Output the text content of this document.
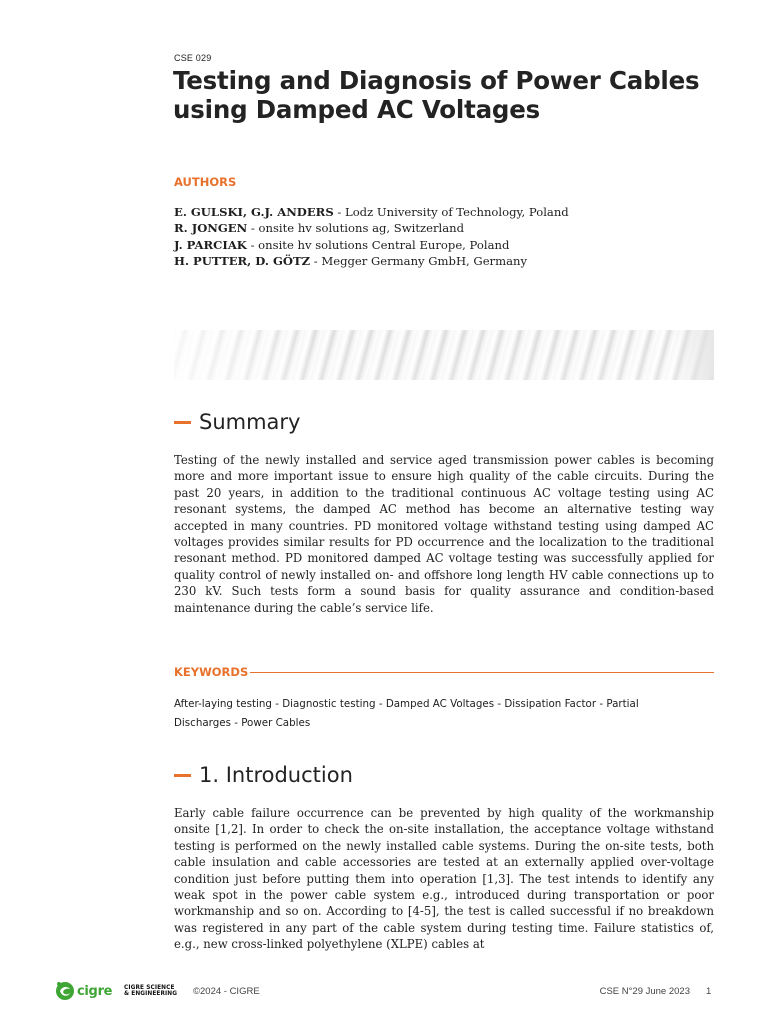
CSE 029
Testing and Diagnosis of Power Cables
using Damped AC Voltages
AUTHORS
E. GULSKI, G.J. ANDERS - Lodz University of Technology, Poland
R. JONGEN - onsite hv solutions ag, Switzerland
J. PARCIAK - onsite hv solutions Central Europe, Poland
H. PUTTER, D. GÖTZ - Megger Germany GmbH, Germany
Summary

Testing of the newly installed and service aged transmission power cables is becoming more and more important issue to ensure high quality of the cable circuits. During the past 20 years, in addition to the traditional continuous AC voltage testing using AC resonant systems, the damped AC method has become an alternative testing way accepted in many countries. PD monitored voltage withstand testing using damped AC voltages provides similar results for PD occurrence and the localization to the traditional resonant method. PD monitored damped AC voltage testing was successfully applied for quality control of newly installed on- and offshore long length HV cable connections up to 230 kV. Such tests form a sound basis for quality assurance and condition-based maintenance during the cable’s service life.

KEYWORDS
After-laying testing - Diagnostic testing - Damped AC Voltages - Dissipation Factor - Partial
Discharges - Power Cables
1. Introduction

Early cable failure occurrence can be prevented by high quality of the workmanship onsite [1,2]. In order to check the on-site installation, the acceptance voltage withstand testing is performed on the newly installed cable systems. During the on-site tests, both cable insulation and cable accessories are tested at an externally applied over-voltage condition just before putting them into operation [1,3]. The test intends to identify any weak spot in the power cable system e.g., introduced during transportation or poor workmanship and so on. According to [4-5], the test is called successful if no breakdown was registered in any part of the cable system during testing time. Failure statistics of, e.g., new cross-linked polyethylene (XLPE) cables at

cigre CIGRE SCIENCE
& ENGINEERING ©2024 - CIGRE	CSE N°29 June 2023 1
